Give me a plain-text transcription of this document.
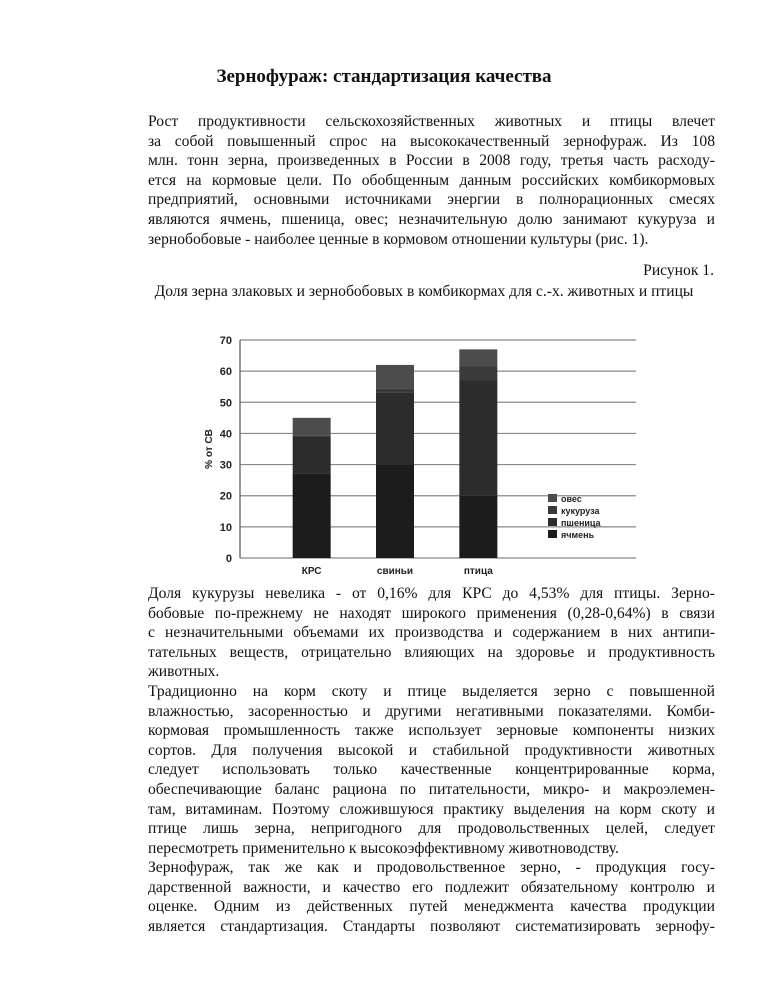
Зернофураж: стандартизация качества

Рост продуктивности сельскохозяйственных животных и птицы влечет
за собой повышенный спрос на высококачественный зернофураж. Из 108
млн. тонн зерна, произведенных в России в 2008 году, третья часть расходу-
ется на кормовые цели. По обобщенным данным российских комбикормовых
предприятий, основными источниками энергии в полнорационных смесях
являются ячмень, пшеница, овес; незначительную долю занимают кукуруза и
зернобобовые - наиболее ценные в кормовом отношении культуры (рис. 1).

Рисунок 1.
Доля зерна злаковых и зернобобовых в комбикормах для с.-х. животных и птицы
0
10
20
30
40
50
60
70
% от CB
КРС	свиньи	птица
овес
кукуруза
пшеница
ячмень

Доля кукурузы невелика - от 0,16% для КРС до 4,53% для птицы. Зерно-
бобовые по-прежнему не находят широкого применения (0,28-0,64%) в связи
с незначительными объемами их производства и содержанием в них антипи-
тательных веществ, отрицательно влияющих на здоровье и продуктивность
животных.

Традиционно на корм скоту и птице выделяется зерно с повышенной
влажностью, засоренностью и другими негативными показателями. Комби-
кормовая промышленность также использует зерновые компоненты низких
сортов. Для получения высокой и стабильной продуктивности животных
следует использовать только качественные концентрированные корма,
обеспечивающие баланс рациона по питательности, микро- и макроэлемен-
там, витаминам. Поэтому сложившуюся практику выделения на корм скоту и
птице лишь зерна, непригодного для продовольственных целей, следует
пересмотреть применительно к высокоэффективному животноводству.

Зернофураж, так же как и продовольственное зерно, - продукция госу-
дарственной важности, и качество его подлежит обязательному контролю и
оценке. Одним из действенных путей менеджмента качества продукции
является стандартизация. Стандарты позволяют систематизировать зернофу-
